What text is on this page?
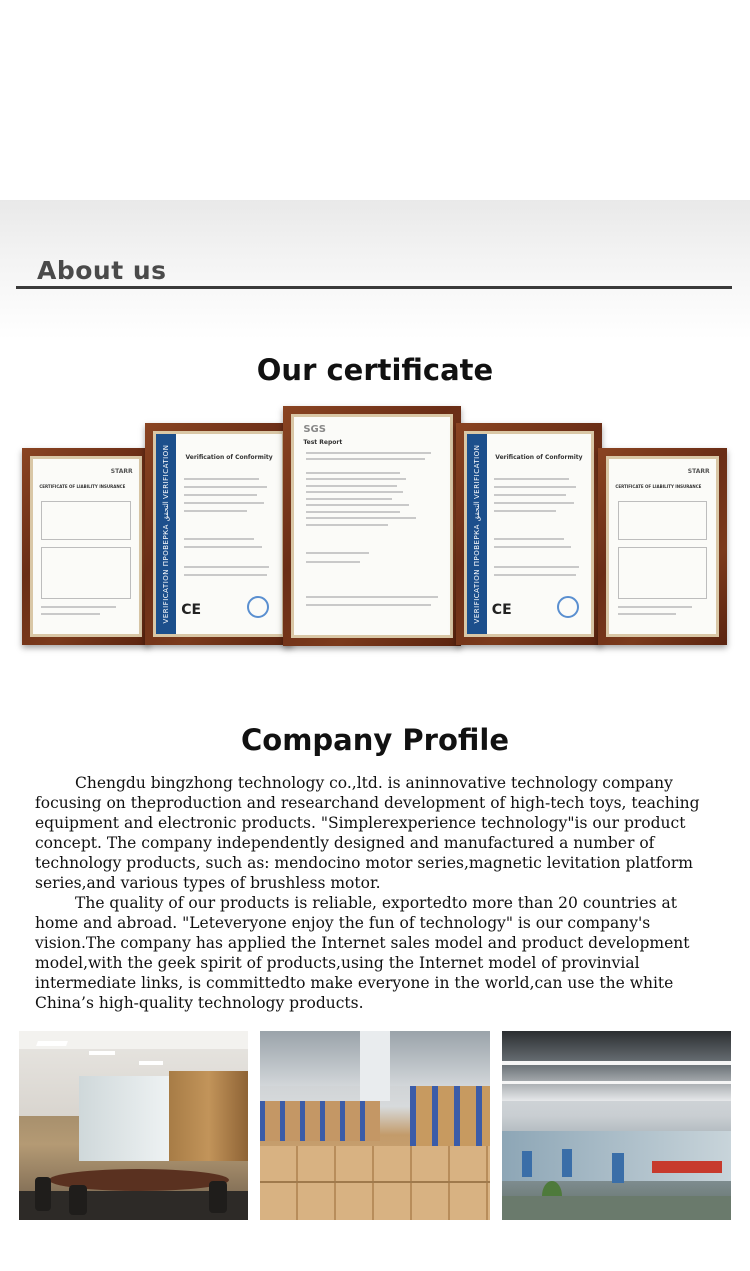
About us
Our certificate
STARR
CERTIFICATE OF LIABILITY INSURANCE
VERIFICATION ПРОВЕРКА التحقق VERIFICATION	Verification of Conformity
CE
SGS
Test Report
VERIFICATION ПРОВЕРКА التحقق VERIFICATION	Verification of Conformity
CE
STARR
CERTIFICATE OF LIABILITY INSURANCE
Company Profile

Chengdu bingzhong technology co.,ltd. is aninnovative technology company focusing on theproduction and researchand development of high-tech toys, teaching equipment and electronic products. "Simplerexperience technology"is our product concept. The company independently designed and manufactured a number of technology products, such as: mendocino motor series,magnetic levitation platform series,and various types of brushless motor.

The quality of our products is reliable, exportedto more than 20 countries at home and abroad. "Leteveryone enjoy the fun of technology" is our company's vision.The company has applied the Internet sales model and product development model,with the geek spirit of products,using the Internet model of provinvial intermediate links, is committedto make everyone in the world,can use the white China’s high-quality technology products.
